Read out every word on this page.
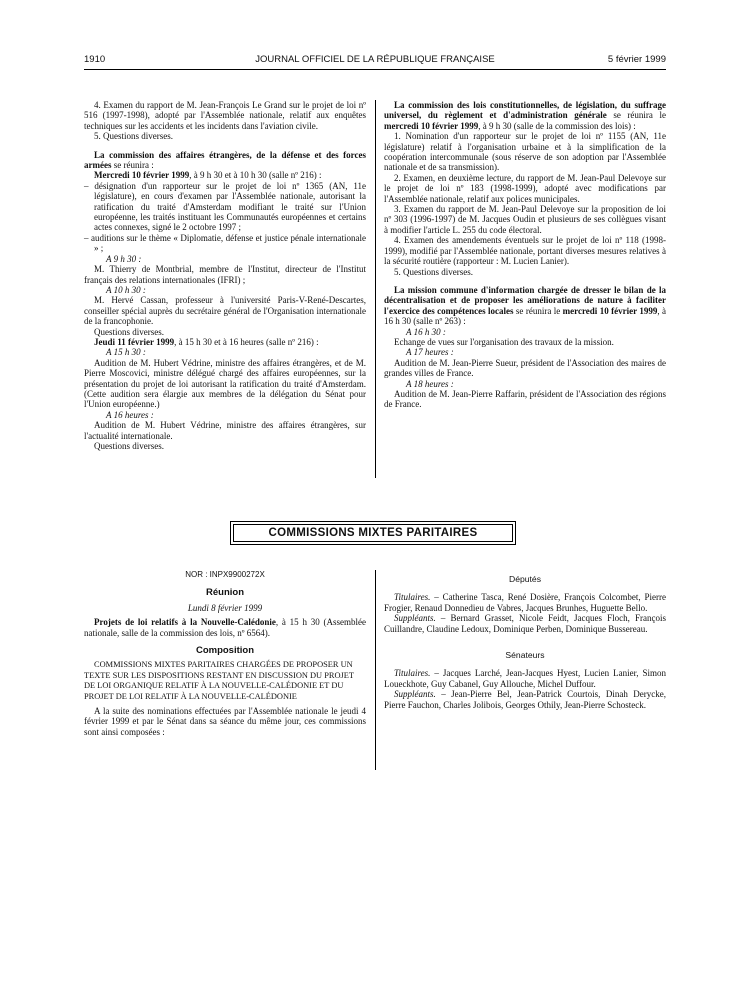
1910	JOURNAL OFFICIEL DE LA RÉPUBLIQUE FRANÇAISE	5 février 1999

4. Examen du rapport de M. Jean-François Le Grand sur le projet de loi nº 516 (1997-1998), adopté par l'Assemblée nationale, relatif aux enquêtes techniques sur les accidents et les incidents dans l'aviation civile.

5. Questions diverses.

La commission des affaires étrangères, de la défense et des forces armées se réunira :

Mercredi 10 février 1999, à 9 h 30 et à 10 h 30 (salle nº 216) :

– désignation d'un rapporteur sur le projet de loi nº 1365 (AN, 11e législature), en cours d'examen par l'Assemblée nationale, autorisant la ratification du traité d'Amsterdam modifiant le traité sur l'Union européenne, les traités instituant les Communautés européennes et certains actes connexes, signé le 2 octobre 1997 ;

– auditions sur le thème « Diplomatie, défense et justice pénale internationale » ;

A 9 h 30 :

M. Thierry de Montbrial, membre de l'Institut, directeur de l'Institut français des relations internationales (IFRI) ;

A 10 h 30 :

M. Hervé Cassan, professeur à l'université Paris-V-René-Descartes, conseiller spécial auprès du secrétaire général de l'Organisation internationale de la francophonie.

Questions diverses.

Jeudi 11 février 1999, à 15 h 30 et à 16 heures (salle nº 216) :

A 15 h 30 :

Audition de M. Hubert Védrine, ministre des affaires étrangères, et de M. Pierre Moscovici, ministre délégué chargé des affaires européennes, sur la présentation du projet de loi autorisant la ratification du traité d'Amsterdam. (Cette audition sera élargie aux membres de la délégation du Sénat pour l'Union européenne.)

A 16 heures :

Audition de M. Hubert Védrine, ministre des affaires étrangères, sur l'actualité internationale.

Questions diverses.

La commission des lois constitutionnelles, de législation, du suffrage universel, du règlement et d'administration générale se réunira le mercredi 10 février 1999, à 9 h 30 (salle de la commission des lois) :

1. Nomination d'un rapporteur sur le projet de loi nº 1155 (AN, 11e législature) relatif à l'organisation urbaine et à la simplification de la coopération intercommunale (sous réserve de son adoption par l'Assemblée nationale et de sa transmission).

2. Examen, en deuxième lecture, du rapport de M. Jean-Paul Delevoye sur le projet de loi nº 183 (1998-1999), adopté avec modifications par l'Assemblée nationale, relatif aux polices municipales.

3. Examen du rapport de M. Jean-Paul Delevoye sur la proposition de loi nº 303 (1996-1997) de M. Jacques Oudin et plusieurs de ses collègues visant à modifier l'article L. 255 du code électoral.

4. Examen des amendements éventuels sur le projet de loi nº 118 (1998-1999), modifié par l'Assemblée nationale, portant diverses mesures relatives à la sécurité routière (rapporteur : M. Lucien Lanier).

5. Questions diverses.

La mission commune d'information chargée de dresser le bilan de la décentralisation et de proposer les améliorations de nature à faciliter l'exercice des compétences locales se réunira le mercredi 10 février 1999, à 16 h 30 (salle nº 263) :

A 16 h 30 :

Echange de vues sur l'organisation des travaux de la mission.

A 17 heures :

Audition de M. Jean-Pierre Sueur, président de l'Association des maires de grandes villes de France.

A 18 heures :

Audition de M. Jean-Pierre Raffarin, président de l'Association des régions de France.

COMMISSIONS MIXTES PARITAIRES

NOR : INPX9900272X

Réunion

Lundi 8 février 1999

Projets de loi relatifs à la Nouvelle-Calédonie, à 15 h 30 (Assemblée nationale, salle de la commission des lois, nº 6564).

Composition

COMMISSIONS MIXTES PARITAIRES CHARGÉES DE PROPOSER UN TEXTE SUR LES DISPOSITIONS RESTANT EN DISCUSSION DU PROJET DE LOI ORGANIQUE RELATIF À LA NOUVELLE-CALÉDONIE ET DU PROJET DE LOI RELATIF À LA NOUVELLE-CALÉDONIE

A la suite des nominations effectuées par l'Assemblée nationale le jeudi 4 février 1999 et par le Sénat dans sa séance du même jour, ces commissions sont ainsi composées :

Députés

Titulaires. – Catherine Tasca, René Dosière, François Colcombet, Pierre Frogier, Renaud Donnedieu de Vabres, Jacques Brunhes, Huguette Bello.

Suppléants. – Bernard Grasset, Nicole Feidt, Jacques Floch, François Cuillandre, Claudine Ledoux, Dominique Perben, Dominique Bussereau.

Sénateurs

Titulaires. – Jacques Larché, Jean-Jacques Hyest, Lucien Lanier, Simon Loueckhote, Guy Cabanel, Guy Allouche, Michel Duffour.

Suppléants. – Jean-Pierre Bel, Jean-Patrick Courtois, Dinah Derycke, Pierre Fauchon, Charles Jolibois, Georges Othily, Jean-Pierre Schosteck.
